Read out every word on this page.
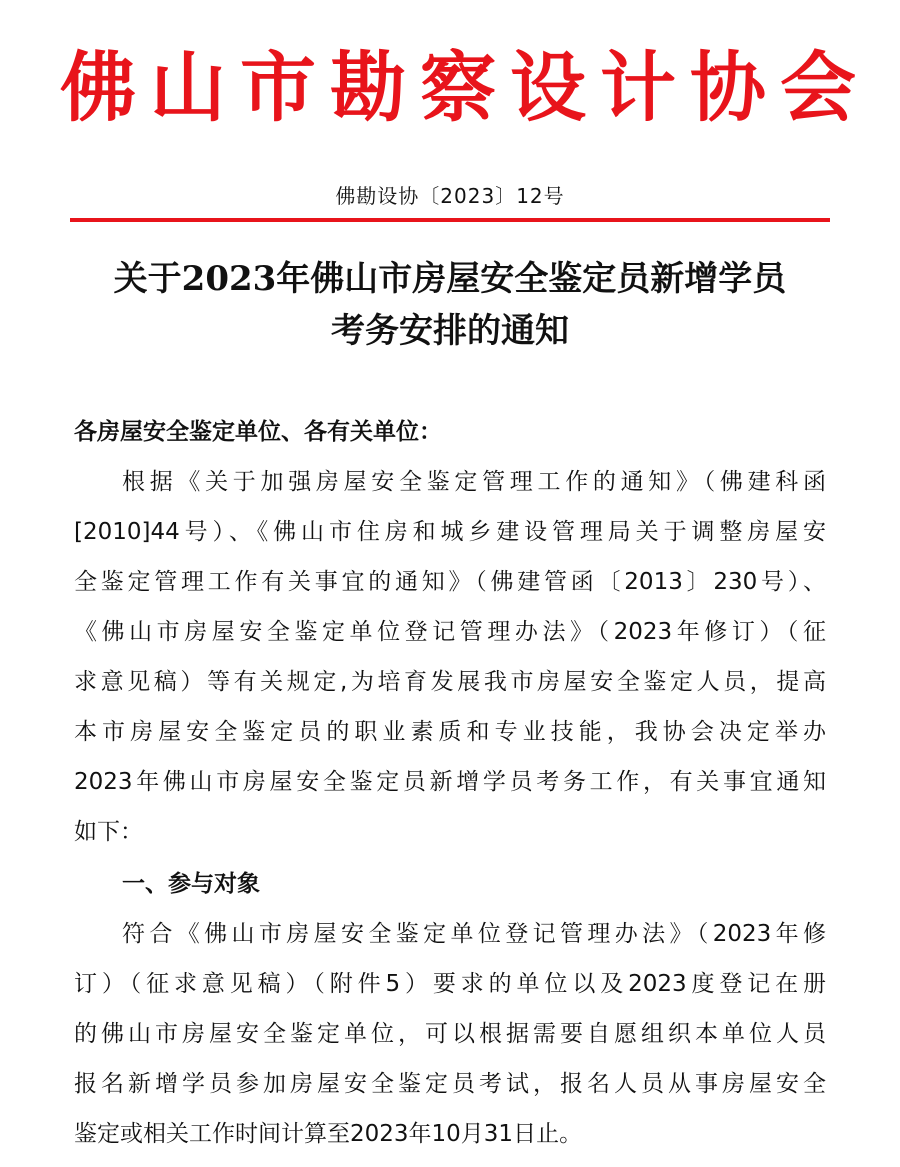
佛山市勘察设计协会
佛勘设协〔2023〕12号
关于2023年佛山市房屋安全鉴定员新增学员
考务安排的通知
各房屋安全鉴定单位、各有关单位：
根据《关于加强房屋安全鉴定管理工作的通知》（佛建科函
[2010]44号）、《佛山市住房和城乡建设管理局关于调整房屋安
全鉴定管理工作有关事宜的通知》（佛建管函〔2013〕230号）、
《佛山市房屋安全鉴定单位登记管理办法》（2023年修订）（征
求意见稿）等有关规定,为培育发展我市房屋安全鉴定人员，提高
本市房屋安全鉴定员的职业素质和专业技能，我协会决定举办
2023年佛山市房屋安全鉴定员新增学员考务工作，有关事宜通知
如下：
一、参与对象
符合《佛山市房屋安全鉴定单位登记管理办法》（2023年修
订）（征求意见稿）（附件5）要求的单位以及2023度登记在册
的佛山市房屋安全鉴定单位，可以根据需要自愿组织本单位人员
报名新增学员参加房屋安全鉴定员考试，报名人员从事房屋安全
鉴定或相关工作时间计算至2023年10月31日止。
